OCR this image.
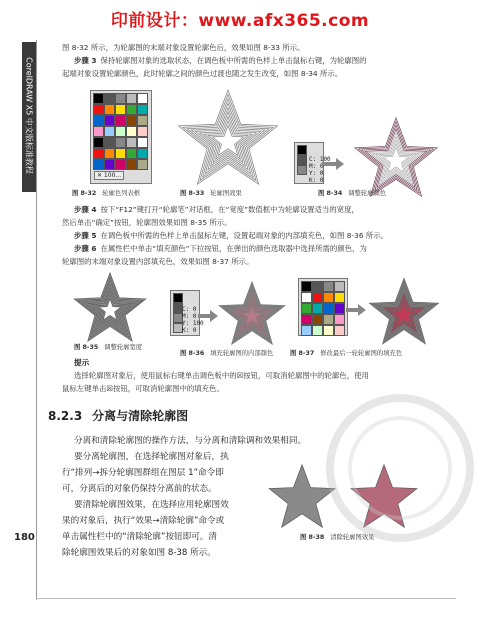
印前设计：www.afx365.com
CorelDRAW X5 中文版标准教程
180
图 8-32 所示，为轮廓图的末端对象设置轮廓色后，效果如图 8-33 所示。
步骤 3 保持轮廓图对象的选取状态，在调色板中所需的色样上单击鼠标右键，为轮廓图的
起端对象设置轮廓颜色，此时轮廓之间的颜色过渡也随之发生改变，如图 8-34 所示。
✕ 100...
图 8-32 轮廓色列表框	图 8-33 轮廓图效果
C: 100
M: 0
Y: 0
K: 0
图 8-34 调整轮廓颜色
步骤 4 按下“F12”键打开“轮廓笔”对话框，在“宽度”数值框中为轮廓设置适当的宽度，
然后单击“确定”按钮，轮廓图效果如图 8-35 所示。
步骤 5 在调色板中所需的色样上单击鼠标左键，设置起端对象的内部填充色，如图 8-36 所示。
步骤 6 在属性栏中单击“填充颜色”下拉按钮，在弹出的颜色选取器中选择所需的颜色，为
轮廓图的末端对象设置内部填充色，效果如图 8-37 所示。
图 8-35 调整轮廓宽度
C: 0
M: 0
Y: 100
K: 0
图 8-36 填充轮廓图的内部颜色	图 8-37 修改最后一轮轮廓图的填充色
提示
选择轮廓图对象后，使用鼠标右键单击调色板中的☒按钮，可取消轮廓图中的轮廓色，使用
鼠标左键单击☒按钮，可取消轮廓图中的填充色。
8.2.3 分离与清除轮廓图
分离和清除轮廓图的操作方法，与分离和清除调和效果相同。
要分离轮廓图，在选择轮廓图对象后，执
行“排列→拆分轮廓图群组在图层 1”命令即
可，分离后的对象仍保持分离前的状态。
要清除轮廓图效果，在选择应用轮廓图效
果的对象后，执行“效果→清除轮廓”命令或
单击属性栏中的“清除轮廓”按钮即可。清
除轮廓图效果后的对象如图 8-38 所示。
图 8-38 清除轮廓图效果
